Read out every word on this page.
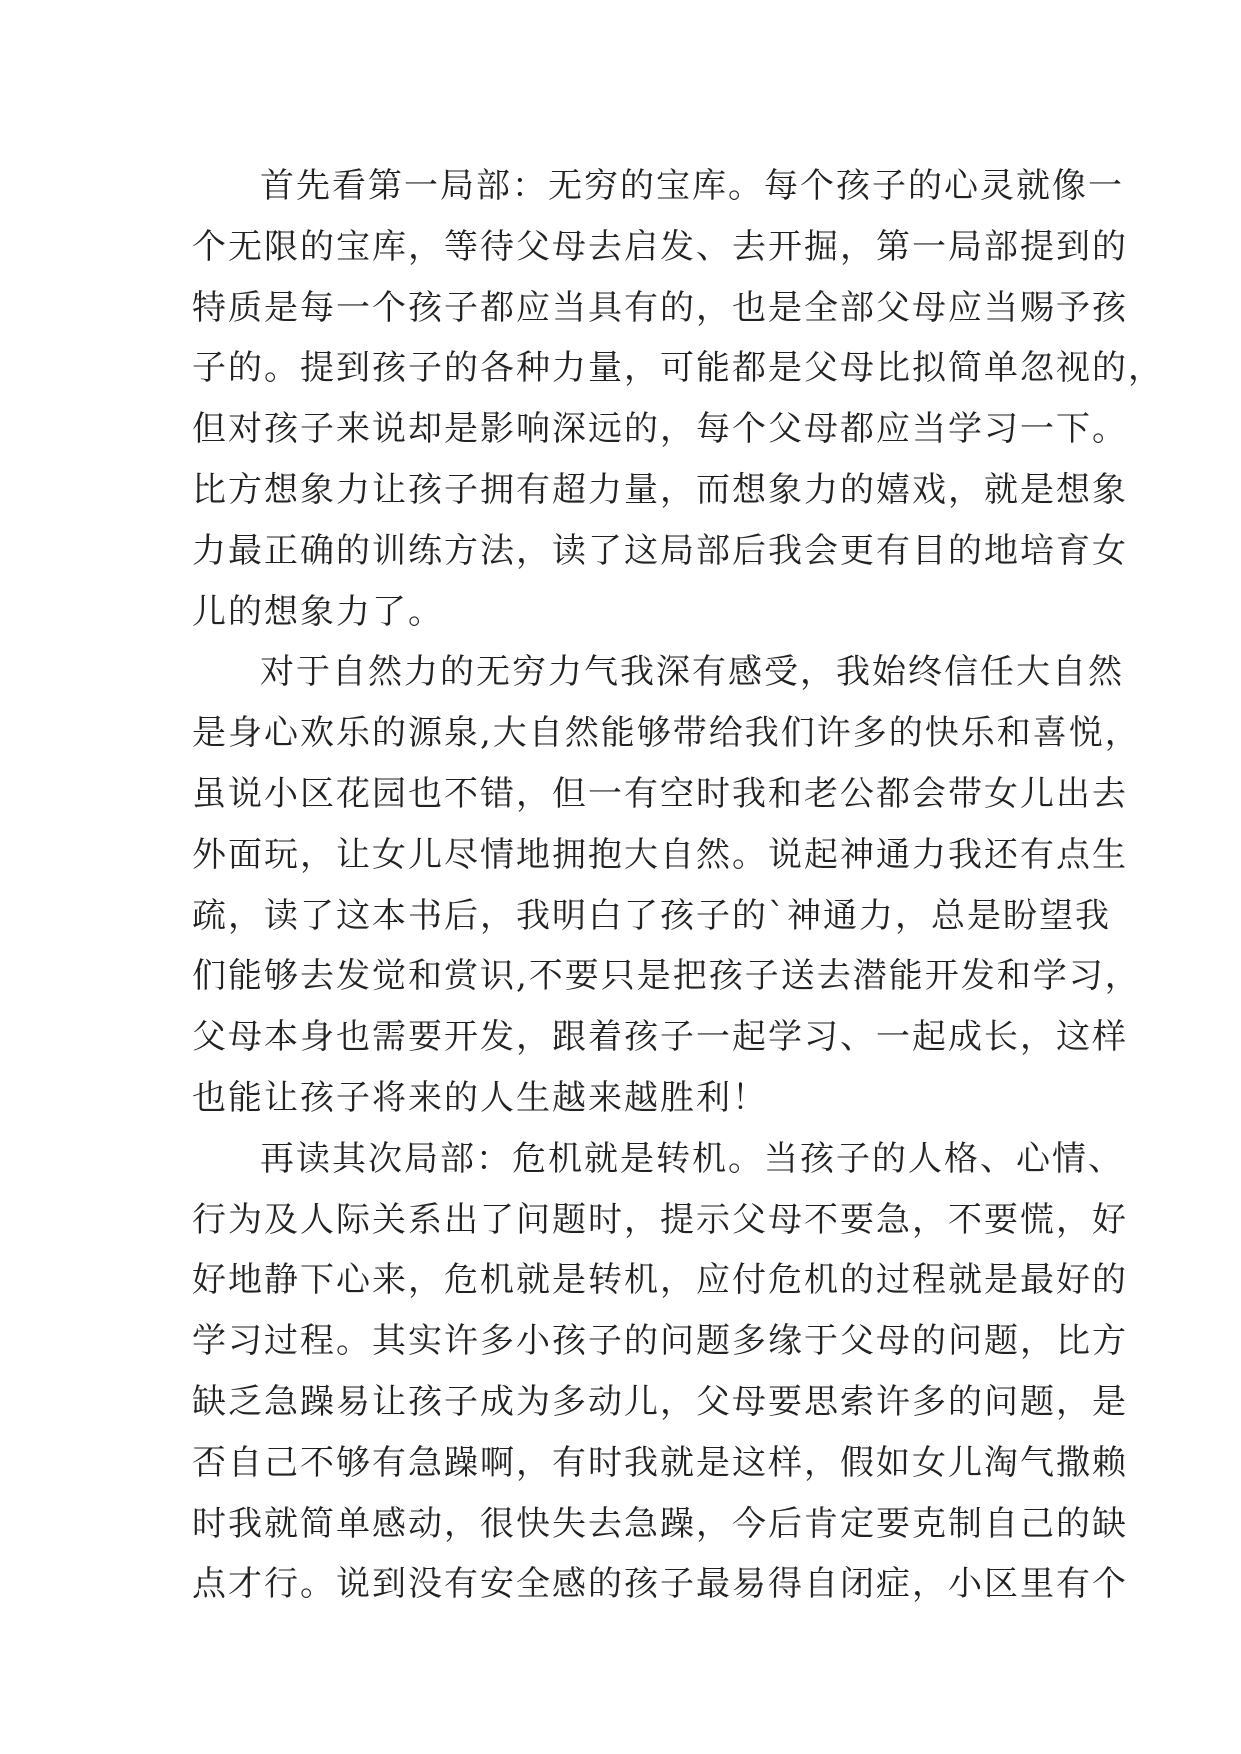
首先看第一局部：无穷的宝库。每个孩子的心灵就像一
个无限的宝库，等待父母去启发、去开掘，第一局部提到的
特质是每一个孩子都应当具有的，也是全部父母应当赐予孩
子的。提到孩子的各种力量，可能都是父母比拟简单忽视的，
但对孩子来说却是影响深远的，每个父母都应当学习一下。
比方想象力让孩子拥有超力量，而想象力的嬉戏，就是想象
力最正确的训练方法，读了这局部后我会更有目的地培育女
儿的想象力了。
对于自然力的无穷力气我深有感受，我始终信任大自然
是身心欢乐的源泉,大自然能够带给我们许多的快乐和喜悦，
虽说小区花园也不错，但一有空时我和老公都会带女儿出去
外面玩，让女儿尽情地拥抱大自然。说起神通力我还有点生
疏，读了这本书后，我明白了孩子的`神通力，总是盼望我
们能够去发觉和赏识,不要只是把孩子送去潜能开发和学习，
父母本身也需要开发，跟着孩子一起学习、一起成长，这样
也能让孩子将来的人生越来越胜利！
再读其次局部：危机就是转机。当孩子的人格、心情、
行为及人际关系出了问题时，提示父母不要急，不要慌，好
好地静下心来，危机就是转机，应付危机的过程就是最好的
学习过程。其实许多小孩子的问题多缘于父母的问题，比方
缺乏急躁易让孩子成为多动儿，父母要思索许多的问题，是
否自己不够有急躁啊，有时我就是这样，假如女儿淘气撒赖
时我就简单感动，很快失去急躁，今后肯定要克制自己的缺
点才行。说到没有安全感的孩子最易得自闭症，小区里有个
